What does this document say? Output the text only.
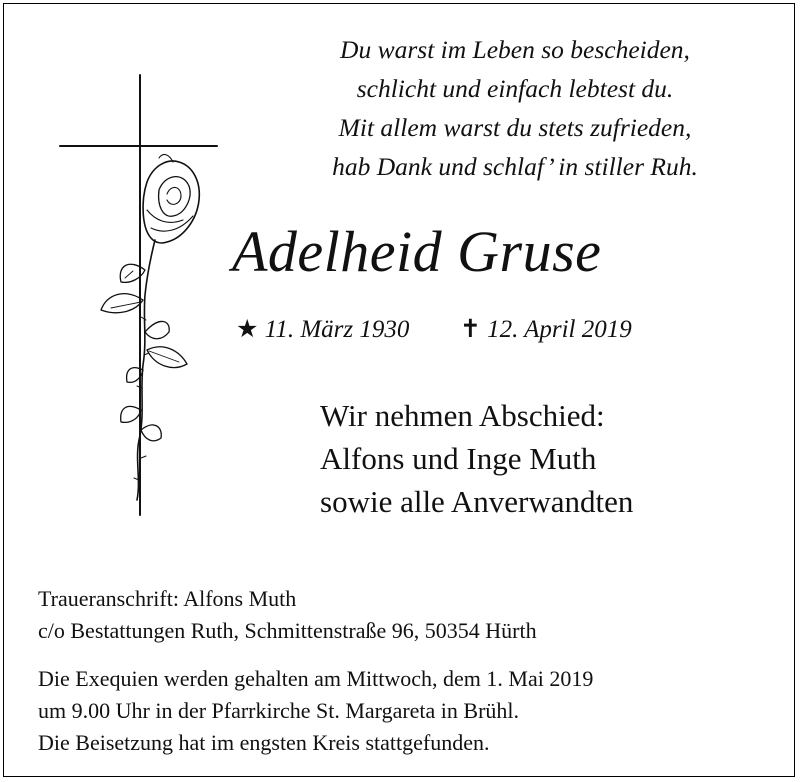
Du warst im Leben so bescheiden,
schlicht und einfach lebtest du.
Mit allem warst du stets zufrieden,
hab Dank und schlaf’ in stiller Ruh.
Adelheid Gruse
★ 11. März 1930 ✝ 12. April 2019
Wir nehmen Abschied:
Alfons und Inge Muth
sowie alle Anverwandten
Traueranschrift: Alfons Muth
c/o Bestattungen Ruth, Schmittenstraße 96, 50354 Hürth
Die Exequien werden gehalten am Mittwoch, dem 1. Mai 2019
um 9.00 Uhr in der Pfarrkirche St. Margareta in Brühl.
Die Beisetzung hat im engsten Kreis stattgefunden.
